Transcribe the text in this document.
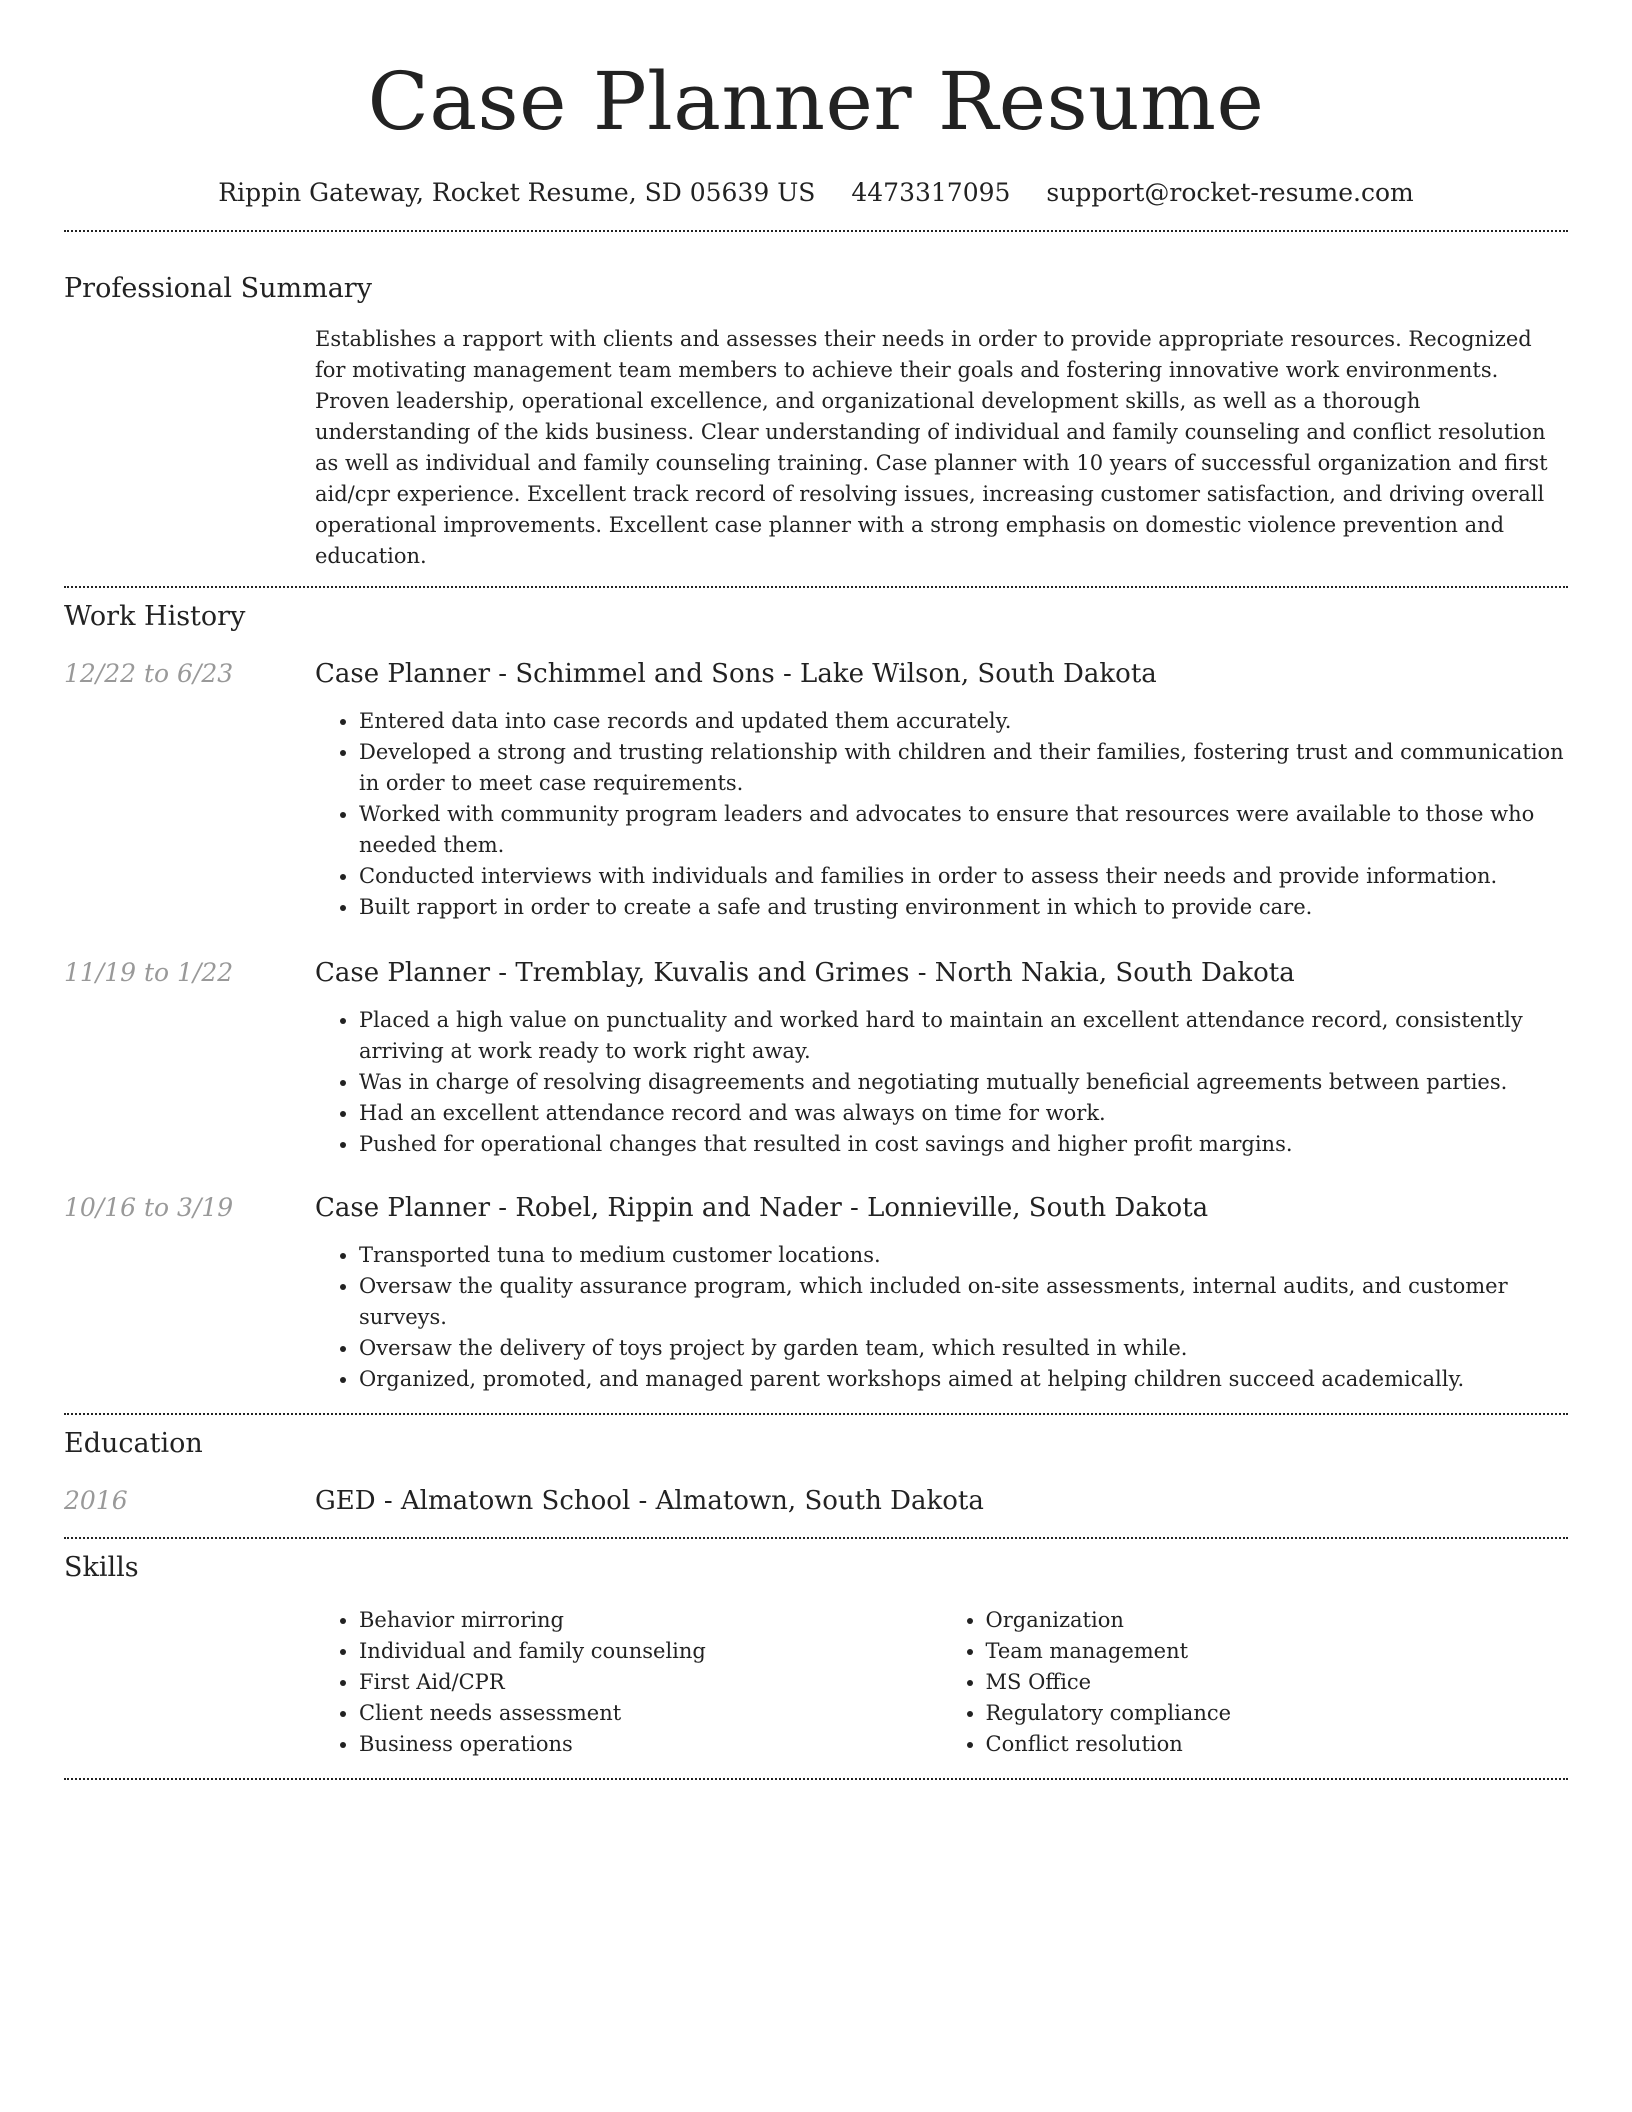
Case Planner Resume
Rippin Gateway, Rocket Resume, SD 05639 US 4473317095 support@rocket-resume.com
Professional Summary

Establishes a rapport with clients and assesses their needs in order to provide appropriate resources. Recognized for motivating management team members to achieve their goals and fostering innovative work environments. Proven leadership, operational excellence, and organizational development skills, as well as a thorough understanding of the kids business. Clear understanding of individual and family counseling and conflict resolution as well as individual and family counseling training. Case planner with 10 years of successful organization and first aid/cpr experience. Excellent track record of resolving issues, increasing customer satisfaction, and driving overall operational improvements. Excellent case planner with a strong emphasis on domestic violence prevention and education.

Work History
12/22 to 6/23	Case Planner - Schimmel and Sons - Lake Wilson, South Dakota
• Entered data into case records and updated them accurately.
• Developed a strong and trusting relationship with children and their families, fostering trust and communication in order to meet case requirements.
• Worked with community program leaders and advocates to ensure that resources were available to those who needed them.
• Conducted interviews with individuals and families in order to assess their needs and provide information.
• Built rapport in order to create a safe and trusting environment in which to provide care.
11/19 to 1/22	Case Planner - Tremblay, Kuvalis and Grimes - North Nakia, South Dakota
• Placed a high value on punctuality and worked hard to maintain an excellent attendance record, consistently arriving at work ready to work right away.
• Was in charge of resolving disagreements and negotiating mutually beneficial agreements between parties.
• Had an excellent attendance record and was always on time for work.
• Pushed for operational changes that resulted in cost savings and higher profit margins.
10/16 to 3/19	Case Planner - Robel, Rippin and Nader - Lonnieville, South Dakota
• Transported tuna to medium customer locations.
• Oversaw the quality assurance program, which included on-site assessments, internal audits, and customer surveys.
• Oversaw the delivery of toys project by garden team, which resulted in while.
• Organized, promoted, and managed parent workshops aimed at helping children succeed academically.
Education
2016	GED - Almatown School - Almatown, South Dakota
Skills
• Behavior mirroring
• Individual and family counseling
• First Aid/CPR
• Client needs assessment
• Business operations
• Organization
• Team management
• MS Office
• Regulatory compliance
• Conflict resolution
